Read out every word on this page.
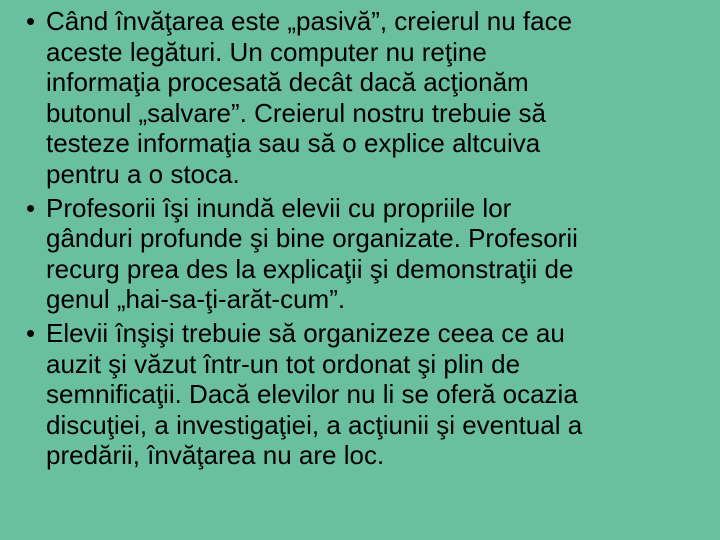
• Când învăţarea este „pasivă”, creierul nu face
aceste legături. Un computer nu reţine
informaţia procesată decât dacă acţionăm
butonul „salvare”. Creierul nostru trebuie să
testeze informaţia sau să o explice altcuiva
pentru a o stoca.
• Profesorii îşi inundă elevii cu propriile lor
gânduri profunde şi bine organizate. Profesorii
recurg prea des la explicaţii şi demonstraţii de
genul „hai-sa-ţi-arăt-cum”.
• Elevii înşişi trebuie să organizeze ceea ce au
auzit şi văzut într-un tot ordonat şi plin de
semnificaţii. Dacă elevilor nu li se oferă ocazia
discuţiei, a investigaţiei, a acţiunii şi eventual a
predării, învăţarea nu are loc.
